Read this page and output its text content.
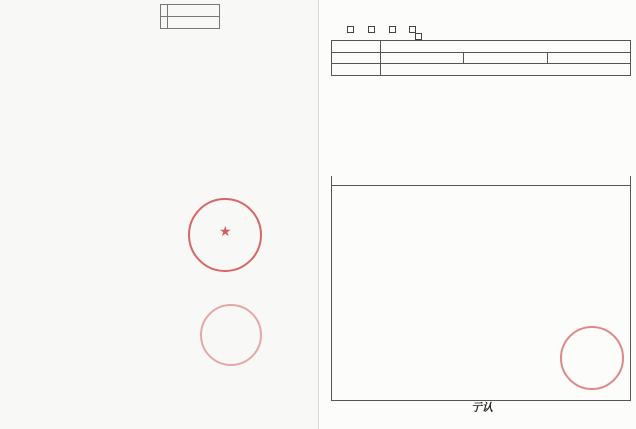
★

亍认
